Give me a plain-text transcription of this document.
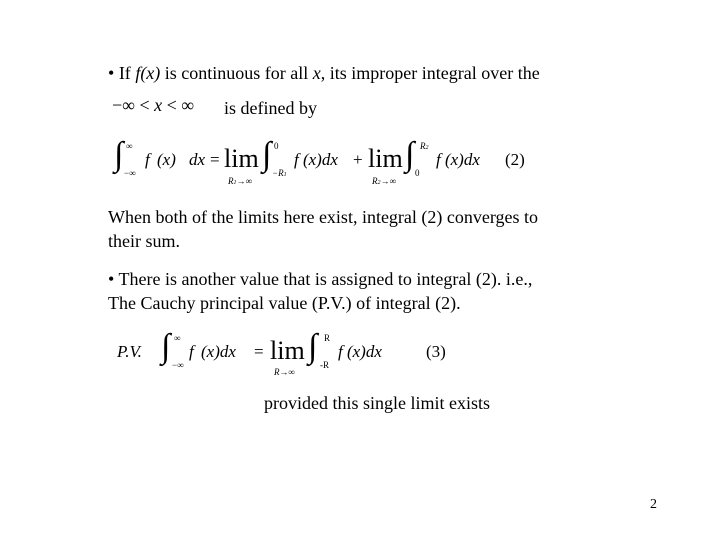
• If f(x) is continuous for all x, its improper integral over the
−∞ < x < ∞ is defined by
∫ ∞
−∞
f (x) dx = lim
R1→∞
∫ 0
−R1
f (x)dx + lim
R2→∞
∫ R2
0
f (x)dx (2)
When both of the limits here exist, integral (2) converges to
their sum.
• There is another value that is assigned to integral (2). i.e.,
The Cauchy principal value (P.V.) of integral (2).
P.V. ∫ ∞
−∞
f (x)dx = lim
R→∞
∫ R
-R
f (x)dx	(3)
provided this single limit exists
2
